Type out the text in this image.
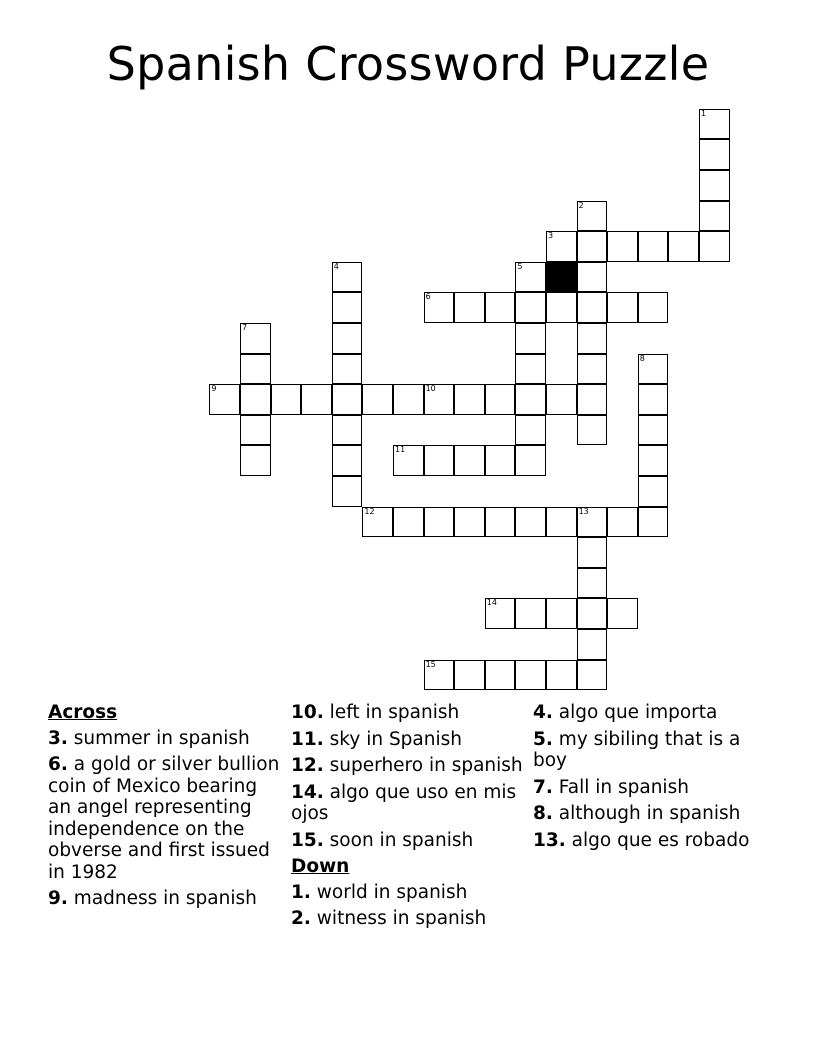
Spanish Crossword Puzzle
1
2
3
5
4
6
7
8
9	10
11
12	13
14
15
Across
3. summer in spanish
6. a gold or silver bullion coin of Mexico bearing an angel representing independence on the obverse and first issued in 1982
9. madness in spanish
10. left in spanish
11. sky in Spanish
12. superhero in spanish
14. algo que uso en mis ojos
15. soon in spanish
Down
1. world in spanish
2. witness in spanish
4. algo que importa
5. my sibiling that is a boy
7. Fall in spanish
8. although in spanish
13. algo que es robado
